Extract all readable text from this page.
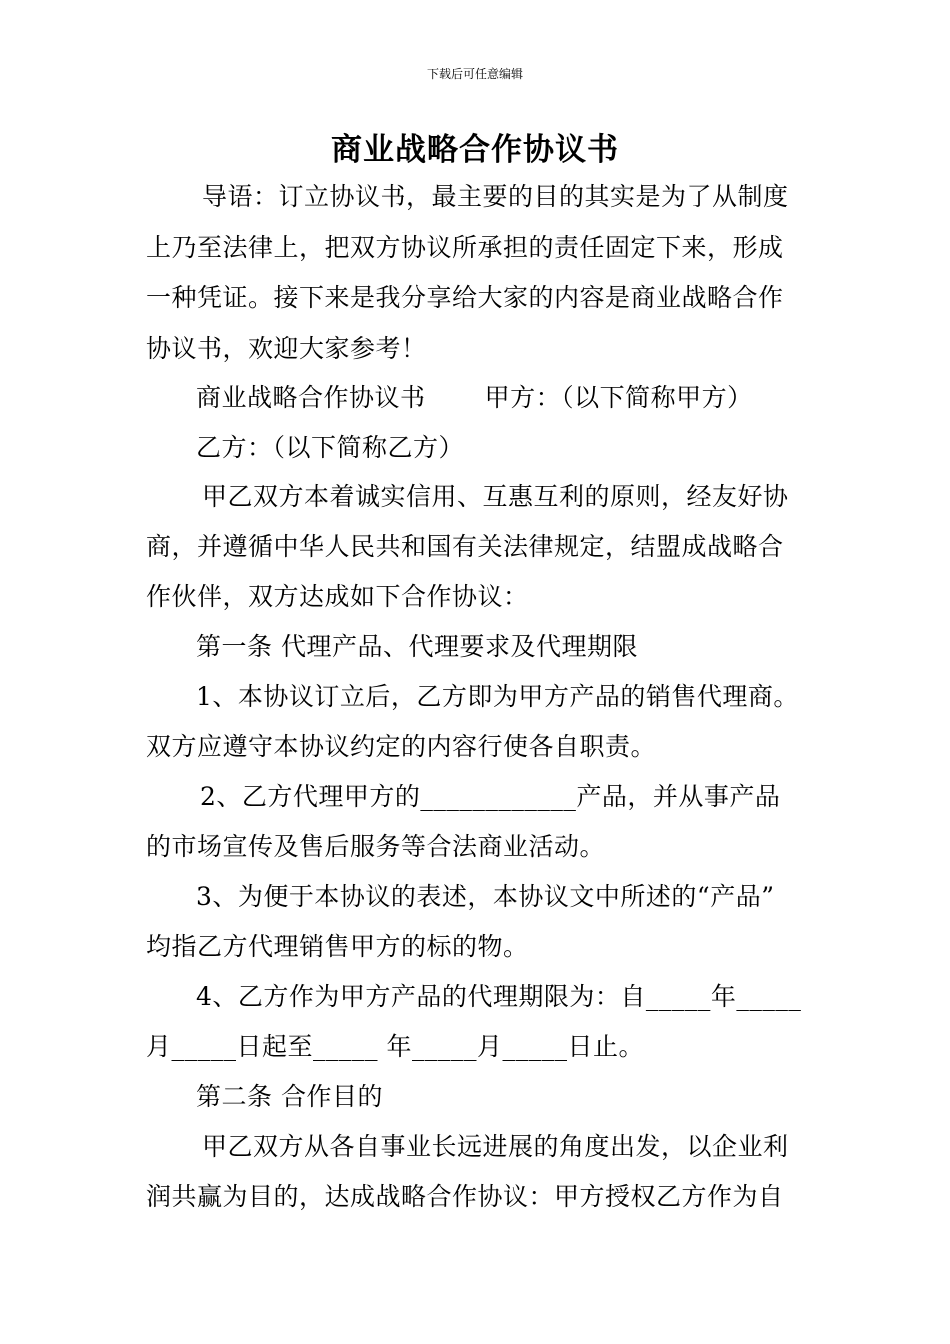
下载后可任意编辑
商业战略合作协议书
导语：订立协议书，最主要的目的其实是为了从制度
上乃至法律上，把双方协议所承担的责任固定下来，形成
一种凭证。接下来是我分享给大家的内容是商业战略合作
协议书，欢迎大家参考！
商业战略合作协议书       甲方：（以下简称甲方）
乙方：（以下简称乙方）
甲乙双方本着诚实信用、互惠互利的原则，经友好协
商，并遵循中华人民共和国有关法律规定，结盟成战略合
作伙伴，双方达成如下合作协议：
第一条 代理产品、代理要求及代理期限
1、本协议订立后，乙方即为甲方产品的销售代理商。
双方应遵守本协议约定的内容行使各自职责。
2、乙方代理甲方的____________产品，并从事产品
的市场宣传及售后服务等合法商业活动。
3、为便于本协议的表述，本协议文中所述的“产品”
均指乙方代理销售甲方的标的物。
4、乙方作为甲方产品的代理期限为：自_____年_____
月_____日起至_____ 年_____月_____日止。
第二条 合作目的
甲乙双方从各自事业长远进展的角度出发，以企业利
润共赢为目的，达成战略合作协议：甲方授权乙方作为自
